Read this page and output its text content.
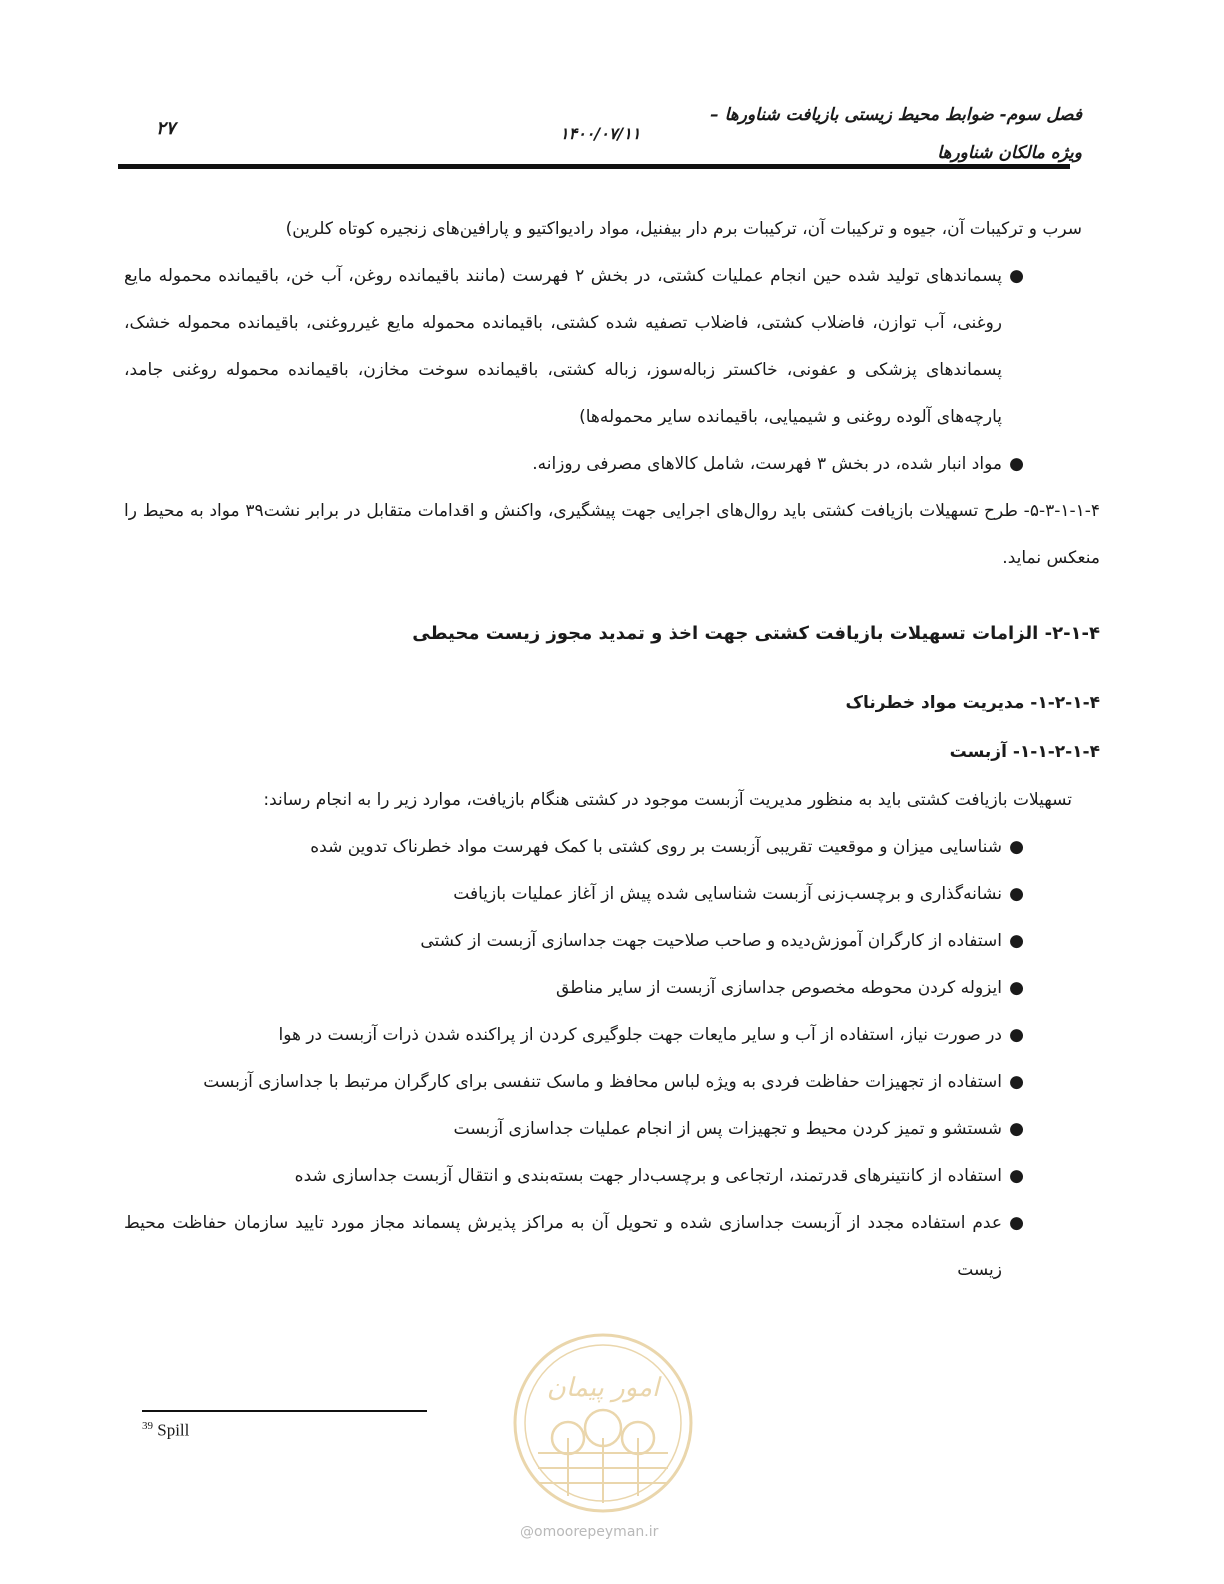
فصل سوم- ضوابط محیط زیستی بازیافت شناورها –
ویژه مالکان شناورها
۱۴۰۰/۰۷/۱۱
۲۷

سرب و ترکیبات آن، جیوه و ترکیبات آن، ترکیبات برم دار بیفنیل، مواد رادیواکتیو و پارافین‌های زنجیره کوتاه کلرین)

●
پسماندهای تولید شده حین انجام عملیات کشتی، در بخش ۲ فهرست (مانند باقیمانده روغن، آب خن، باقیمانده محموله مایع روغنی، آب توازن، فاضلاب کشتی، فاضلاب تصفیه شده کشتی، باقیمانده محموله مایع غیرروغنی، باقیمانده محموله خشک، پسماندهای پزشکی و عفونی، خاکستر زباله‌سوز، زباله کشتی، باقیمانده سوخت مخازن، باقیمانده محموله روغنی جامد، پارچه‌های آلوده روغنی و شیمیایی، باقیمانده سایر محموله‌ها)
●
مواد انبار شده، در بخش ۳ فهرست، شامل کالاهای مصرفی روزانه.

۵-۳-۱-۱-۴- طرح تسهیلات بازیافت کشتی باید روال‌های اجرایی جهت پیشگیری، واکنش و اقدامات متقابل در برابر نشت۳۹ مواد به محیط را منعکس نماید.

۲-۱-۴- الزامات تسهیلات بازیافت کشتی جهت اخذ و تمدید مجوز زیست محیطی

۱-۲-۱-۴- مدیریت مواد خطرناک

۱-۱-۲-۱-۴- آزبست

تسهیلات بازیافت کشتی باید به منظور مدیریت آزبست موجود در کشتی هنگام بازیافت، موارد زیر را به انجام رساند:

●
شناسایی میزان و موقعیت تقریبی آزبست بر روی کشتی با کمک فهرست مواد خطرناک تدوین شده
●
نشانه‌گذاری و برچسب‌زنی آزبست شناسایی شده پیش از آغاز عملیات بازیافت
●
استفاده از کارگران آموزش‌دیده و صاحب صلاحیت جهت جداسازی آزبست از کشتی
●
ایزوله کردن محوطه مخصوص جداسازی آزبست از سایر مناطق
●
در صورت نیاز، استفاده از آب و سایر مایعات جهت جلوگیری کردن از پراکنده شدن ذرات آزبست در هوا
●
استفاده از تجهیزات حفاظت فردی به ویژه لباس محافظ و ماسک تنفسی برای کارگران مرتبط با جداسازی آزبست
●
شستشو و تمیز کردن محیط و تجهیزات پس از انجام عملیات جداسازی آزبست
●
استفاده از کانتینرهای قدرتمند، ارتجاعی و برچسب‌دار جهت بسته‌بندی و انتقال آزبست جداسازی شده
●
عدم استفاده مجدد از آزبست جداسازی شده و تحویل آن به مراکز پذیرش پسماند مجاز مورد تایید سازمان حفاظت محیط زیست
$^{39}$ Spill
امور پیمان
@omoorepeyman.ir
